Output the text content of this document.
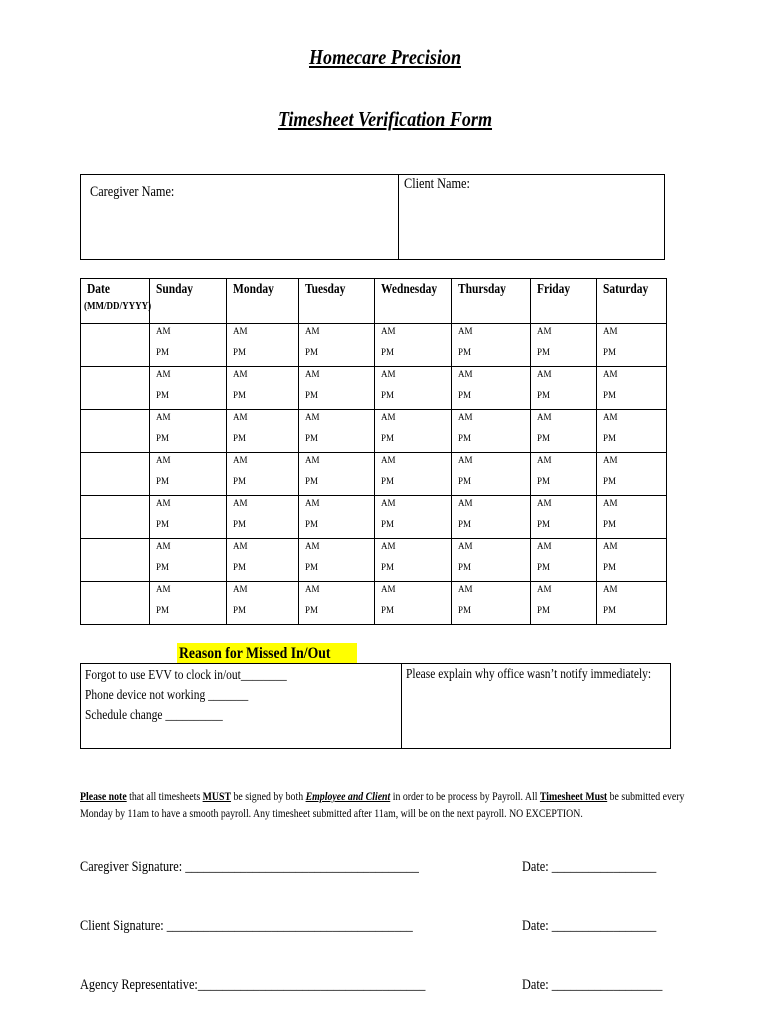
Homecare Precision
Timesheet Verification Form
Caregiver Name:	Client Name:
Date
(MM/DD/YYYY)	Sunday	Monday	Tuesday	Wednesday	Thursday	Friday	Saturday

	AM
PM	AM
PM	AM
PM	AM
PM	AM
PM	AM
PM	AM
PM

	AM
PM	AM
PM	AM
PM	AM
PM	AM
PM	AM
PM	AM
PM

	AM
PM	AM
PM	AM
PM	AM
PM	AM
PM	AM
PM	AM
PM

	AM
PM	AM
PM	AM
PM	AM
PM	AM
PM	AM
PM	AM
PM

	AM
PM	AM
PM	AM
PM	AM
PM	AM
PM	AM
PM	AM
PM

	AM
PM	AM
PM	AM
PM	AM
PM	AM
PM	AM
PM	AM
PM

	AM
PM	AM
PM	AM
PM	AM
PM	AM
PM	AM
PM	AM
PM
Reason for Missed In/Out
Forgot to use EVV to clock in/out________
Phone device not working _______
Schedule change __________
Please explain why office wasn’t notify immediately:
Please note that all timesheets MUST be signed by both Employee and Client in order to be process by Payroll. All Timesheet Must be submitted every Monday by 11am to have a smooth payroll. Any timesheet submitted after 11am, will be on the next payroll. NO EXCEPTION.
Caregiver Signature: ______________________________________	Date: _________________
Client Signature: ________________________________________	Date: _________________
Agency Representative:_____________________________________	Date: __________________
